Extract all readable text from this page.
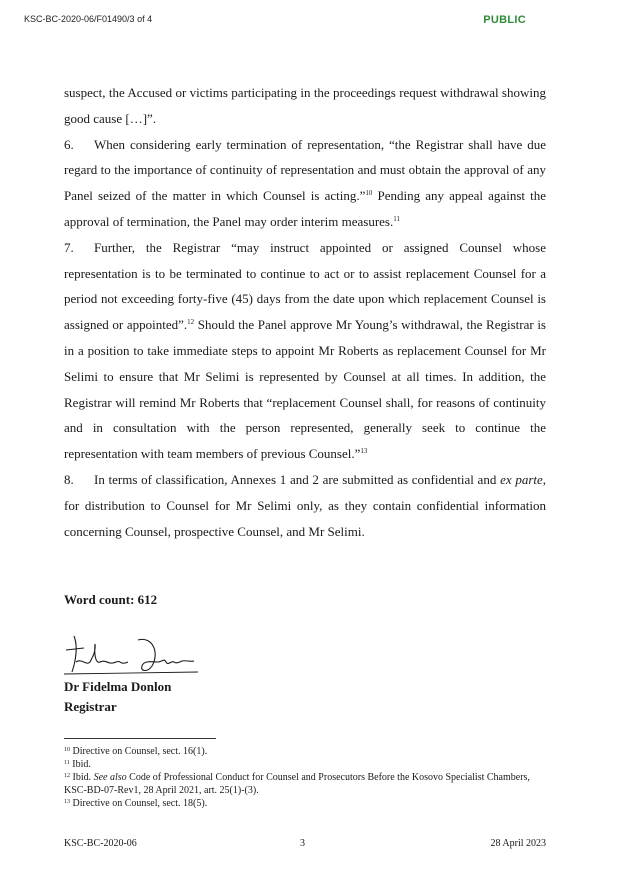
KSC-BC-2020-06/F01490/3 of 4	PUBLIC

suspect, the Accused or victims participating in the proceedings request withdrawal showing good cause […]”.

6. When considering early termination of representation, “the Registrar shall have due regard to the importance of continuity of representation and must obtain the approval of any Panel seized of the matter in which Counsel is acting.”$^{10}$ Pending any appeal against the approval of termination, the Panel may order interim measures.$^{11}$

7. Further, the Registrar “may instruct appointed or assigned Counsel whose representation is to be terminated to continue to act or to assist replacement Counsel for a period not exceeding forty-five (45) days from the date upon which replacement Counsel is assigned or appointed”.$^{12}$ Should the Panel approve Mr Young’s withdrawal, the Registrar is in a position to take immediate steps to appoint Mr Roberts as replacement Counsel for Mr Selimi to ensure that Mr Selimi is represented by Counsel at all times. In addition, the Registrar will remind Mr Roberts that “replacement Counsel shall, for reasons of continuity and in consultation with the person represented, generally seek to continue the representation with team members of previous Counsel.”$^{13}$

8. In terms of classification, Annexes 1 and 2 are submitted as confidential and ex parte, for distribution to Counsel for Mr Selimi only, as they contain confidential information concerning Counsel, prospective Counsel, and Mr Selimi.

Word count: 612
Dr Fidelma Donlon
Registrar
$^{10}$ Directive on Counsel, sect. 16(1).
$^{11}$ Ibid.
$^{12}$ Ibid. See also Code of Professional Conduct for Counsel and Prosecutors Before the Kosovo Specialist Chambers, KSC-BD-07-Rev1, 28 April 2021, art. 25(1)-(3).
$^{13}$ Directive on Counsel, sect. 18(5).
KSC-BC-2020-06	3	28 April 2023
